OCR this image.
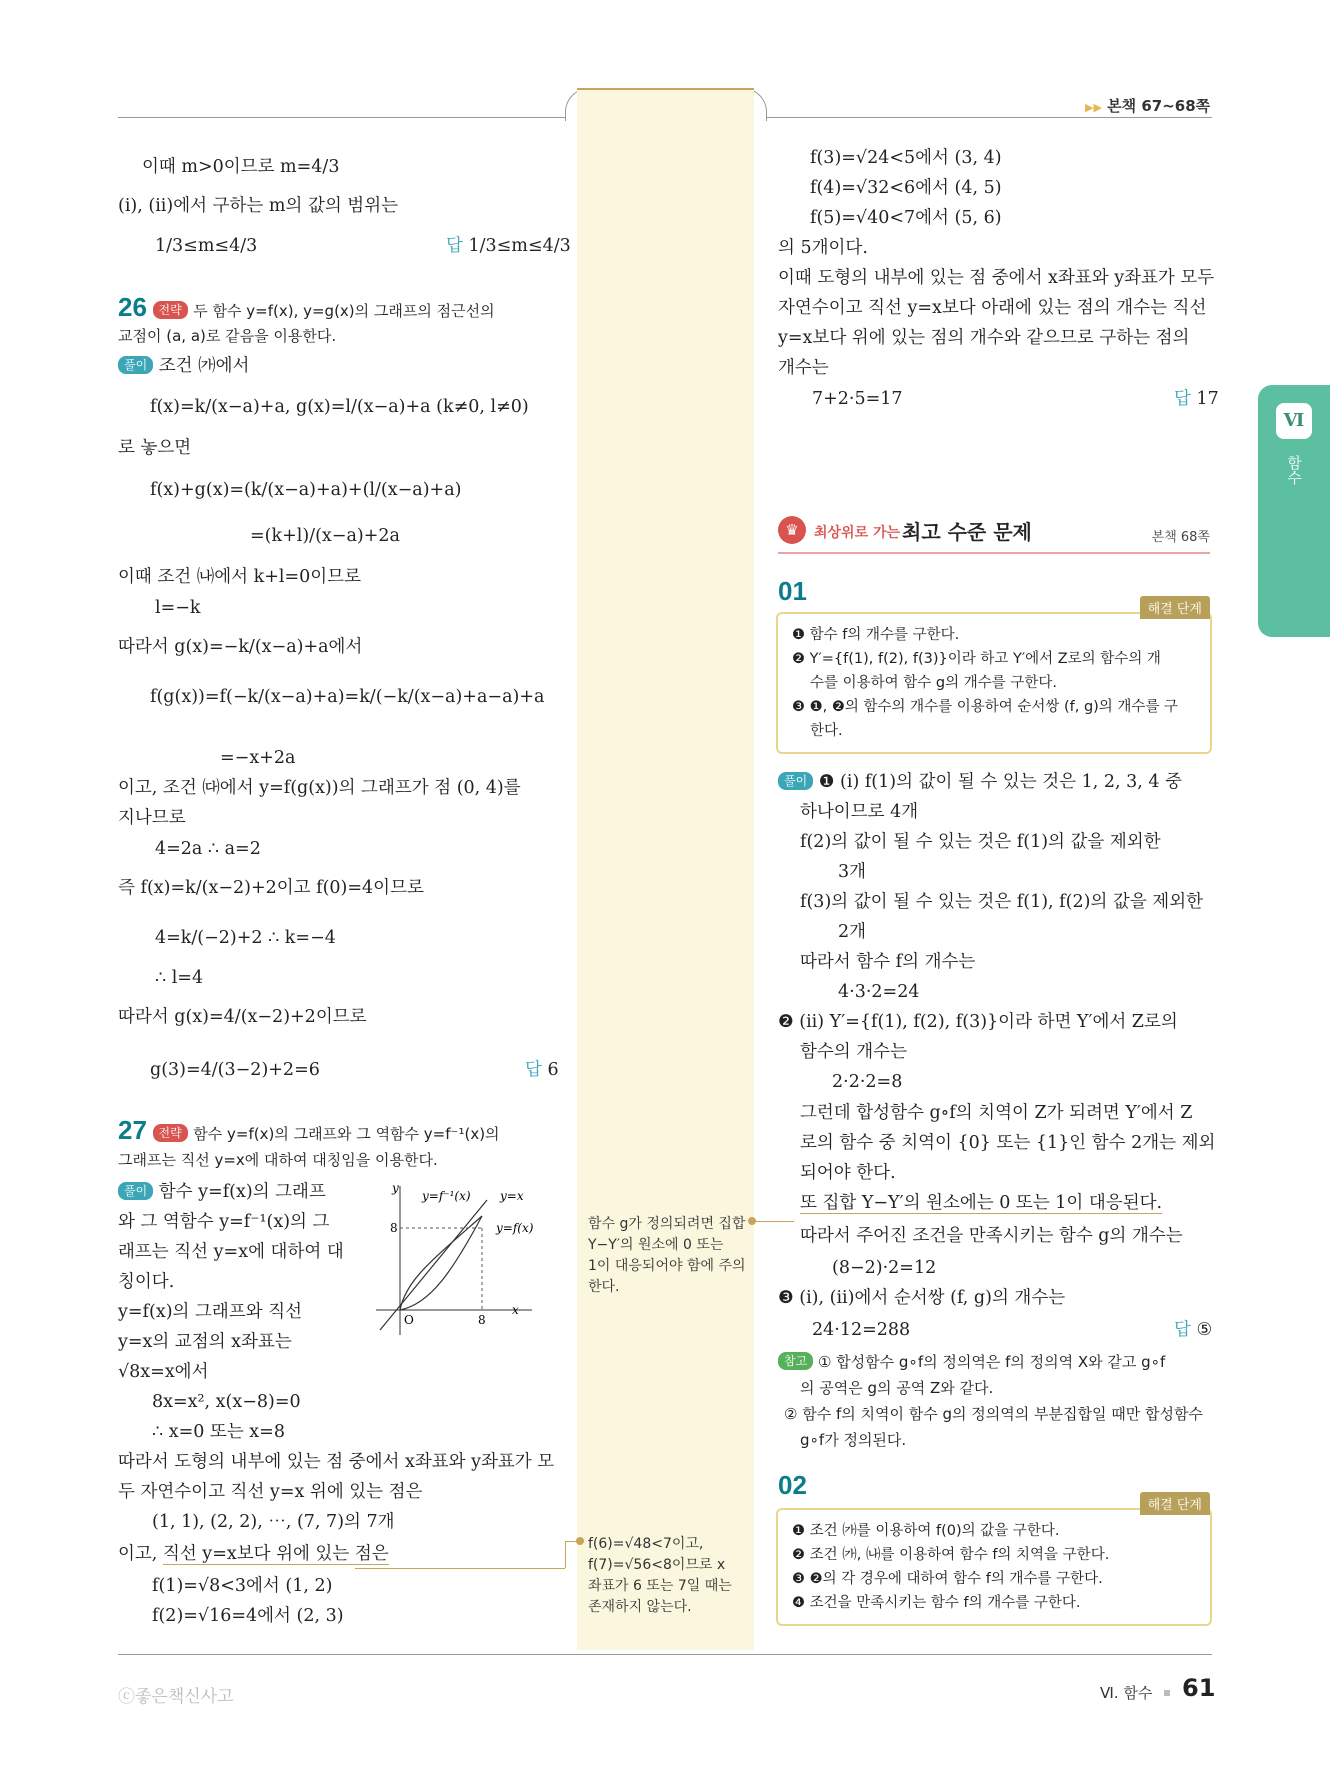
▶▶ 본책 67~68쪽
Ⅵ
함수
이때 m>0이므로 m=4/3
(i), (ii)에서 구하는 m의 값의 범위는
1/3≤m≤4/3	답 1/3≤m≤4/3
26 전략 두 함수 y=f(x), y=g(x)의 그래프의 점근선의
교점이 (a, a)로 같음을 이용한다.
풀이 조건 ㈎에서
f(x)=k/(x−a)+a, g(x)=l/(x−a)+a (k≠0, l≠0)
로 놓으면
f(x)+g(x)=(k/(x−a)+a)+(l/(x−a)+a)
=(k+l)/(x−a)+2a
이때 조건 ㈏에서 k+l=0이므로
l=−k
따라서 g(x)=−k/(x−a)+a에서
f(g(x))=f(−k/(x−a)+a)=k/(−k/(x−a)+a−a)+a
=−x+2a
이고, 조건 ㈐에서 y=f(g(x))의 그래프가 점 (0, 4)를
지나므로
4=2a ∴ a=2
즉 f(x)=k/(x−2)+2이고 f(0)=4이므로
4=k/(−2)+2 ∴ k=−4
∴ l=4
따라서 g(x)=4/(x−2)+2이므로
g(3)=4/(3−2)+2=6	답 6
27 전략 함수 y=f(x)의 그래프와 그 역함수 y=f⁻¹(x)의
그래프는 직선 y=x에 대하여 대칭임을 이용한다.
풀이 함수 y=f(x)의 그래프
와 그 역함수 y=f⁻¹(x)의 그
래프는 직선 y=x에 대하여 대
칭이다.
y=f(x)의 그래프와 직선
y=x의 교점의 x좌표는
√8x=x에서
8x=x², x(x−8)=0
∴ x=0 또는 x=8
따라서 도형의 내부에 있는 점 중에서 x좌표와 y좌표가 모
두 자연수이고 직선 y=x 위에 있는 점은
(1, 1), (2, 2), ⋯, (7, 7)의 7개
이고, 직선 y=x보다 위에 있는 점은
f(1)=√8<3에서 (1, 2)
f(2)=√16=4에서 (2, 3)
y
x
O	8
8
y=f⁻¹(x) y=x
y=f(x)	함수 g가 정의되려면 집합
Y−Y′의 원소에 0 또는
1이 대응되어야 함에 주의
한다.
f(6)=√48<7이고,
f(7)=√56<8이므로 x
좌표가 6 또는 7일 때는
존재하지 않는다.
f(3)=√24<5에서 (3, 4)
f(4)=√32<6에서 (4, 5)
f(5)=√40<7에서 (5, 6)
의 5개이다.
이때 도형의 내부에 있는 점 중에서 x좌표와 y좌표가 모두
자연수이고 직선 y=x보다 아래에 있는 점의 개수는 직선
y=x보다 위에 있는 점의 개수와 같으므로 구하는 점의
개수는
7+2·5=17	답 17
♛	최상위로 가는 최고 수준 문제	본책 68쪽
01
해결 단계
❶ 함수 f의 개수를 구한다.
❷ Y′={f(1), f(2), f(3)}이라 하고 Y′에서 Z로의 함수의 개
수를 이용하여 함수 g의 개수를 구한다.
❸ ❶, ❷의 함수의 개수를 이용하여 순서쌍 (f, g)의 개수를 구
한다.
풀이 ❶ (i) f(1)의 값이 될 수 있는 것은 1, 2, 3, 4 중
하나이므로 4개
f(2)의 값이 될 수 있는 것은 f(1)의 값을 제외한
3개
f(3)의 값이 될 수 있는 것은 f(1), f(2)의 값을 제외한
2개
따라서 함수 f의 개수는
4·3·2=24
❷ (ii) Y′={f(1), f(2), f(3)}이라 하면 Y′에서 Z로의
함수의 개수는
2·2·2=8
그런데 합성함수 g∘f의 치역이 Z가 되려면 Y′에서 Z
로의 함수 중 치역이 {0} 또는 {1}인 함수 2개는 제외
되어야 한다.
또 집합 Y−Y′의 원소에는 0 또는 1이 대응된다.
따라서 주어진 조건을 만족시키는 함수 g의 개수는
(8−2)·2=12
❸ (i), (ii)에서 순서쌍 (f, g)의 개수는
24·12=288	답 ⑤
참고 ① 합성함수 g∘f의 정의역은 f의 정의역 X와 같고 g∘f
의 공역은 g의 공역 Z와 같다.
② 함수 f의 치역이 함수 g의 정의역의 부분집합일 때만 합성함수
g∘f가 정의된다.
02
해결 단계
❶ 조건 ㈎를 이용하여 f(0)의 값을 구한다.
❷ 조건 ㈎, ㈏를 이용하여 함수 f의 치역을 구한다.
❸ ❷의 각 경우에 대하여 함수 f의 개수를 구한다.
❹ 조건을 만족시키는 함수 f의 개수를 구한다.
ⓒ좋은책신사고	Ⅵ. 함수 61
